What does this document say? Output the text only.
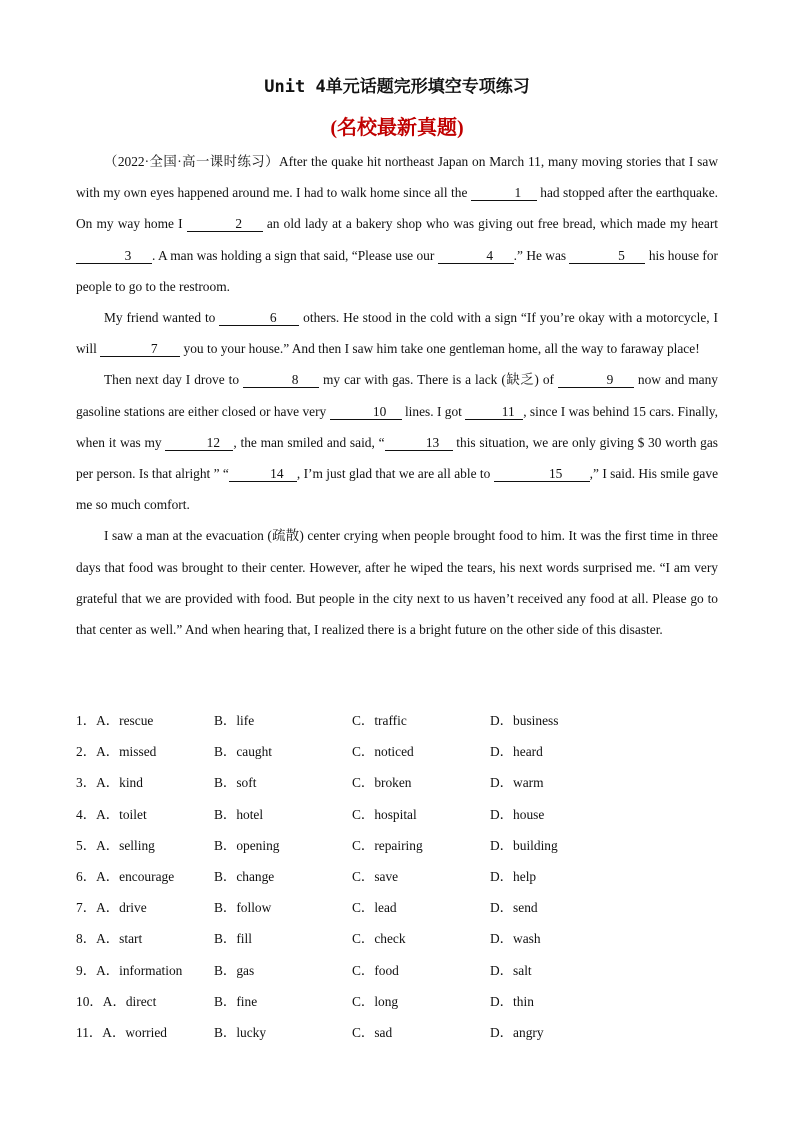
Unit 4单元话题完形填空专项练习
(名校最新真题)

（2022·全国·高一课时练习）After the quake hit northeast Japan on March 11, many moving stories that I saw with my own eyes happened around me. I had to walk home since all the	1 had stopped after the earthquake. On my way home I	2 an old lady at a bakery shop who was giving out free bread, which made my heart 3 . A man was holding a sign that said, “Please use our	4 .” He was	5 his house for people to go to the restroom.

My friend wanted to	6 others. He stood in the cold with a sign “If you’re okay with a motorcycle, I will	7 you to your house.” And then I saw him take one gentleman home, all the way to faraway place!

Then next day I drove to	8 my car with gas. There is a lack (缺乏) of	9 now and many gasoline stations are either closed or have very	10 lines. I got	11 , since I was behind 15 cars. Finally, when it was my	12 , the man smiled and said, “	13 this situation, we are only giving $ 30 worth gas per person. Is that alright ” “	14 , I’m just glad that we are all able to	15 ,” I said. His smile gave me so much comfort.

I saw a man at the evacuation (疏散) center crying when people brought food to him. It was the first time in three days that food was brought to their center. However, after he wiped the tears, his next words surprised me. “I am very grateful that we are provided with food. But people in the city next to us haven’t received any food at all. Please go to that center as well.” And when hearing that, I realized there is a bright future on the other side of this disaster.

1．A．rescue	B．life	C．traffic	D．business
2．A．missed	B．caught	C．noticed	D．heard
3．A．kind	B．soft	C．broken	D．warm
4．A．toilet	B．hotel	C．hospital	D．house
5．A．selling	B．opening	C．repairing	D．building
6．A．encourage	B．change	C．save	D．help
7．A．drive	B．follow	C．lead	D．send
8．A．start	B．fill	C．check	D．wash
9．A．information	B．gas	C．food	D．salt
10．A．direct	B．fine	C．long	D．thin
11．A．worried	B．lucky	C．sad	D．angry
